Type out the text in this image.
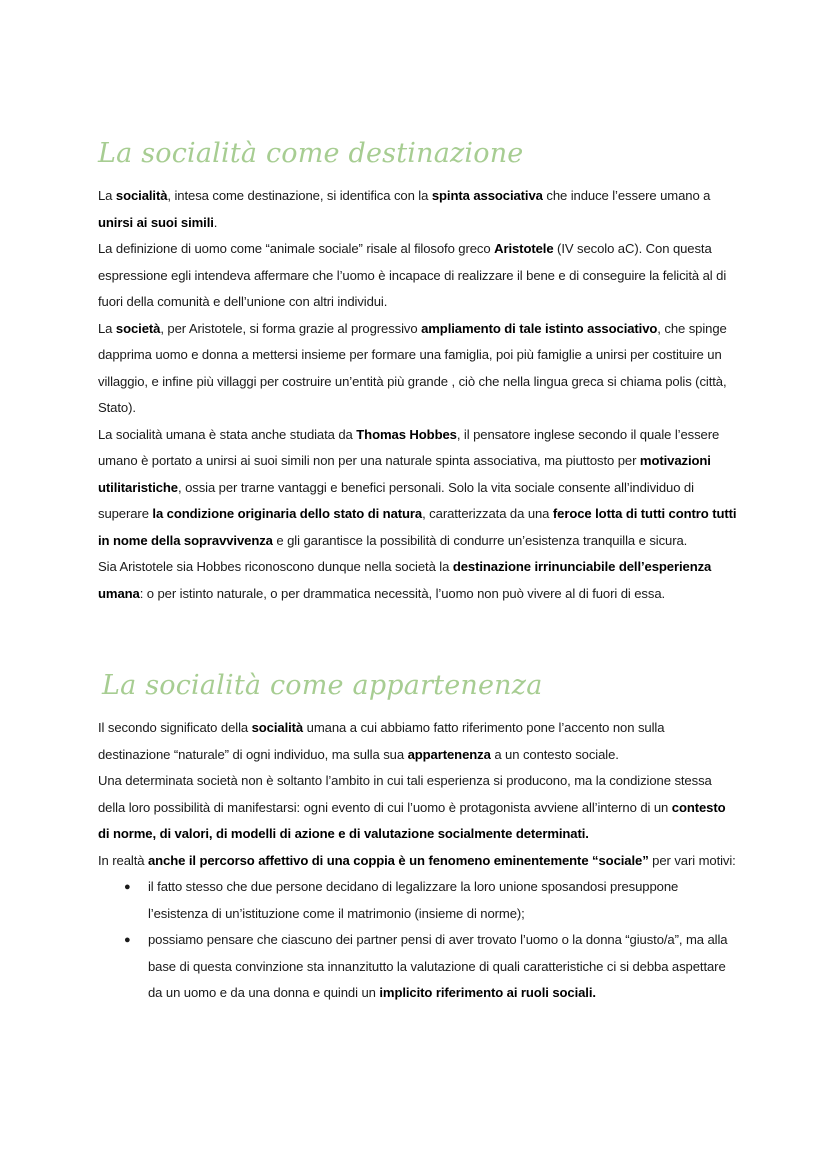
La socialità come destinazione

La socialità, intesa come destinazione, si identifica con la spinta associativa che induce l’essere umano a unirsi ai suoi simili.

La definizione di uomo come “animale sociale” risale al filosofo greco Aristotele (IV secolo aC). Con questa espressione egli intendeva affermare che l’uomo è incapace di realizzare il bene e di conseguire la felicità al di fuori della comunità e dell’unione con altri individui.

La società, per Aristotele, si forma grazie al progressivo ampliamento di tale istinto associativo, che spinge dapprima uomo e donna a mettersi insieme per formare una famiglia, poi più famiglie a unirsi per costituire un villaggio, e infine più villaggi per costruire un’entità più grande , ciò che nella lingua greca si chiama polis (città, Stato).

La socialità umana è stata anche studiata da Thomas Hobbes, il pensatore inglese secondo il quale l’essere umano è portato a unirsi ai suoi simili non per una naturale spinta associativa, ma piuttosto per motivazioni utilitaristiche, ossia per trarne vantaggi e benefici personali. Solo la vita sociale consente all’individuo di superare la condizione originaria dello stato di natura, caratterizzata da una feroce lotta di tutti contro tutti in nome della sopravvivenza e gli garantisce la possibilità di condurre un’esistenza tranquilla e sicura.

Sia Aristotele sia Hobbes riconoscono dunque nella società la destinazione irrinunciabile dell’esperienza umana: o per istinto naturale, o per drammatica necessità, l’uomo non può vivere al di fuori di essa.

La socialità come appartenenza

Il secondo significato della socialità umana a cui abbiamo fatto riferimento pone l’accento non sulla destinazione “naturale” di ogni individuo, ma sulla sua appartenenza a un contesto sociale.

Una determinata società non è soltanto l’ambito in cui tali esperienza si producono, ma la condizione stessa della loro possibilità di manifestarsi: ogni evento di cui l’uomo è protagonista avviene all’interno di un contesto di norme, di valori, di modelli di azione e di valutazione socialmente determinati.

In realtà anche il percorso affettivo di una coppia è un fenomeno eminentemente “sociale” per vari motivi:

● il fatto stesso che due persone decidano di legalizzare la loro unione sposandosi presuppone l’esistenza di un’istituzione come il matrimonio (insieme di norme);
● possiamo pensare che ciascuno dei partner pensi di aver trovato l’uomo o la donna “giusto/a”, ma alla base di questa convinzione sta innanzitutto la valutazione di quali caratteristiche ci si debba aspettare da un uomo e da una donna e quindi un implicito riferimento ai ruoli sociali.
